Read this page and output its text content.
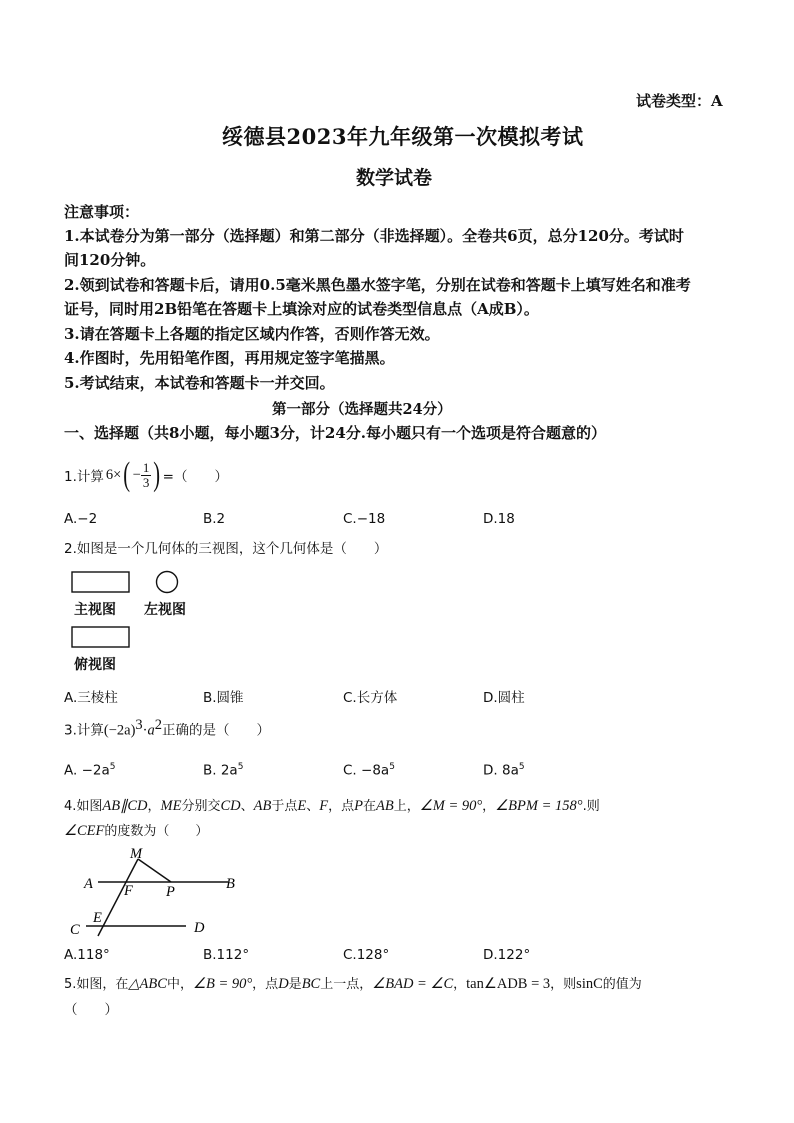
试卷类型：A
绥德县2023年九年级第一次模拟考试
数学试卷
注意事项：
1.本试卷分为第一部分（选择题）和第二部分（非选择题）。全卷共6页，总分120分。考试时
间120分钟。
2.领到试卷和答题卡后，请用0.5毫米黑色墨水签字笔，分别在试卷和答题卡上填写姓名和准考
证号，同时用2B铅笔在答题卡上填涂对应的试卷类型信息点（A成B）。
3.请在答题卡上各题的指定区域内作答，否则作答无效。
4.作图时，先用铅笔作图，再用规定签字笔描黑。
5.考试结束，本试卷和答题卡一并交回。
第一部分（选择题共24分）
一、选择题（共8小题，每小题3分，计24分.每小题只有一个选项是符合题意的）
1.计算 6 × ( − $\frac{1}{3}$ ) =（　　）
A.−2	B.2	C.−18	D.18
2.如图是一个几何体的三视图，这个几何体是（　　）
主视图 左视图
俯视图
A.三棱柱	B.圆锥	C.长方体	D.圆柱
3.计算$(-2a)^3\cdot a^2$正确的是（　　）
A. $-2a^5$	B. $2a^5$	C. $-8a^5$	D. $8a^5$
4.如图AB∥CD，ME分别交CD、AB于点E、F，点P在AB上，∠M = 90°，∠BPM = 158°.则
∠CEF的度数为（　　）
M
A F P	B
C
E
D
A.118°	B.112°	C.128°	D.122°
5.如图，在△ABC中，∠B = 90°，点D是BC上一点，∠BAD = ∠C，tan∠ADB = 3，则sinC的值为
（　　）
